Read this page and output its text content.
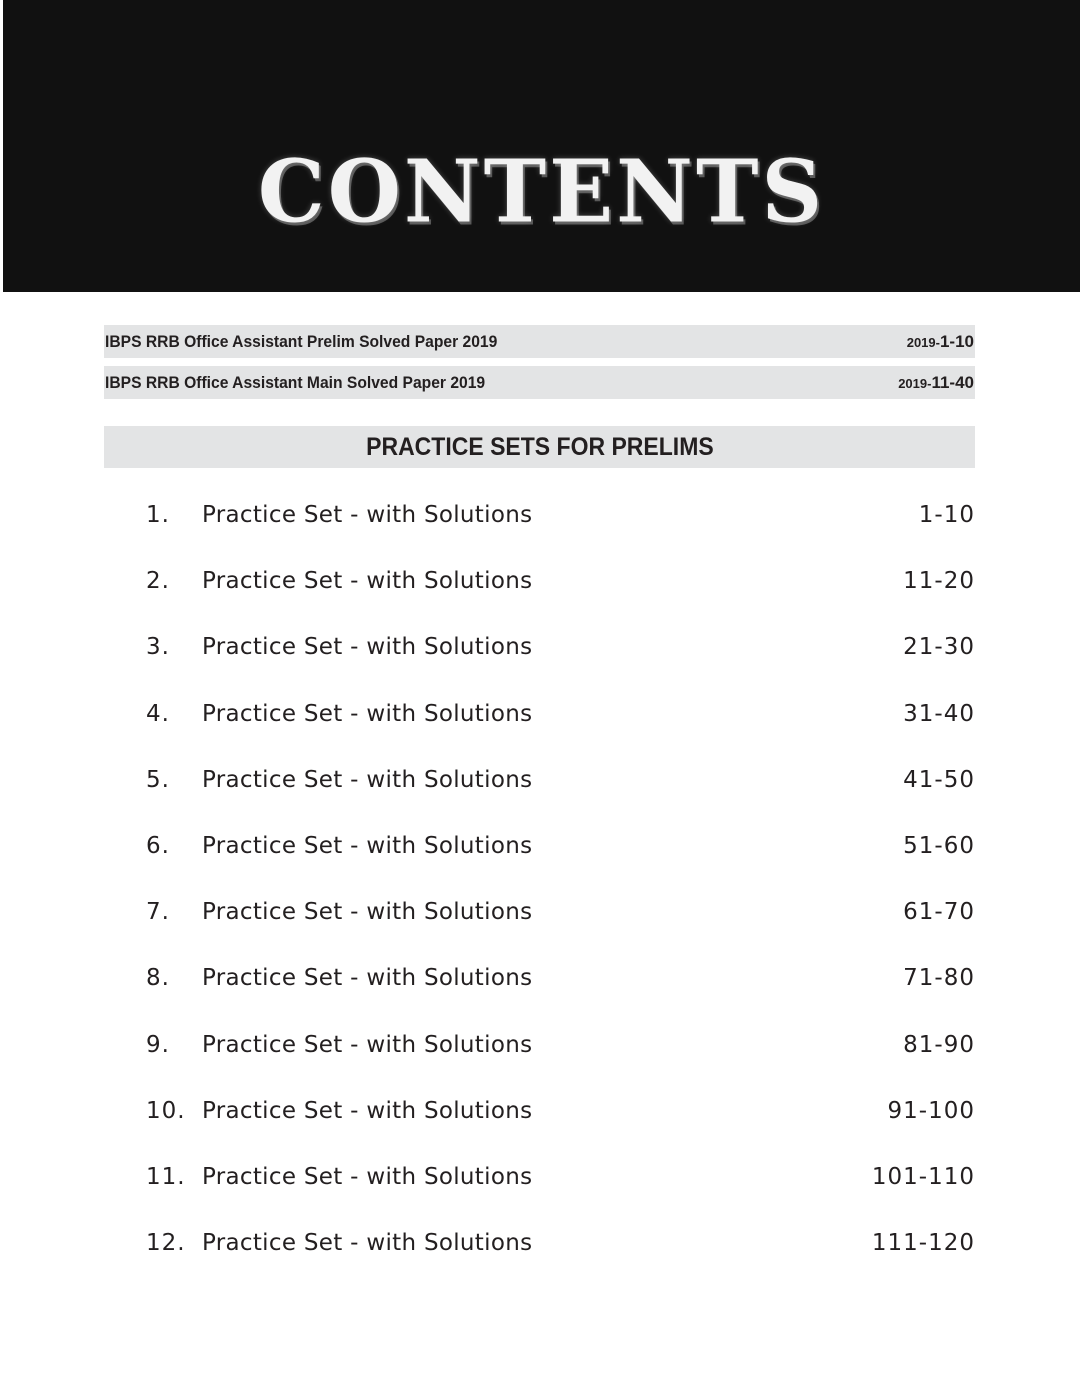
CONTENTS
IBPS RRB Office Assistant Prelim Solved Paper 2019	2019-1-10
IBPS RRB Office Assistant Main Solved Paper 2019	2019-11-40
PRACTICE SETS FOR PRELIMS
1. Practice Set - with Solutions	1-10
2. Practice Set - with Solutions	11-20
3. Practice Set - with Solutions	21-30
4. Practice Set - with Solutions	31-40
5. Practice Set - with Solutions	41-50
6. Practice Set - with Solutions	51-60
7. Practice Set - with Solutions	61-70
8. Practice Set - with Solutions	71-80
9. Practice Set - with Solutions	81-90
10. Practice Set - with Solutions	91-100
11. Practice Set - with Solutions	101-110
12. Practice Set - with Solutions	111-120
